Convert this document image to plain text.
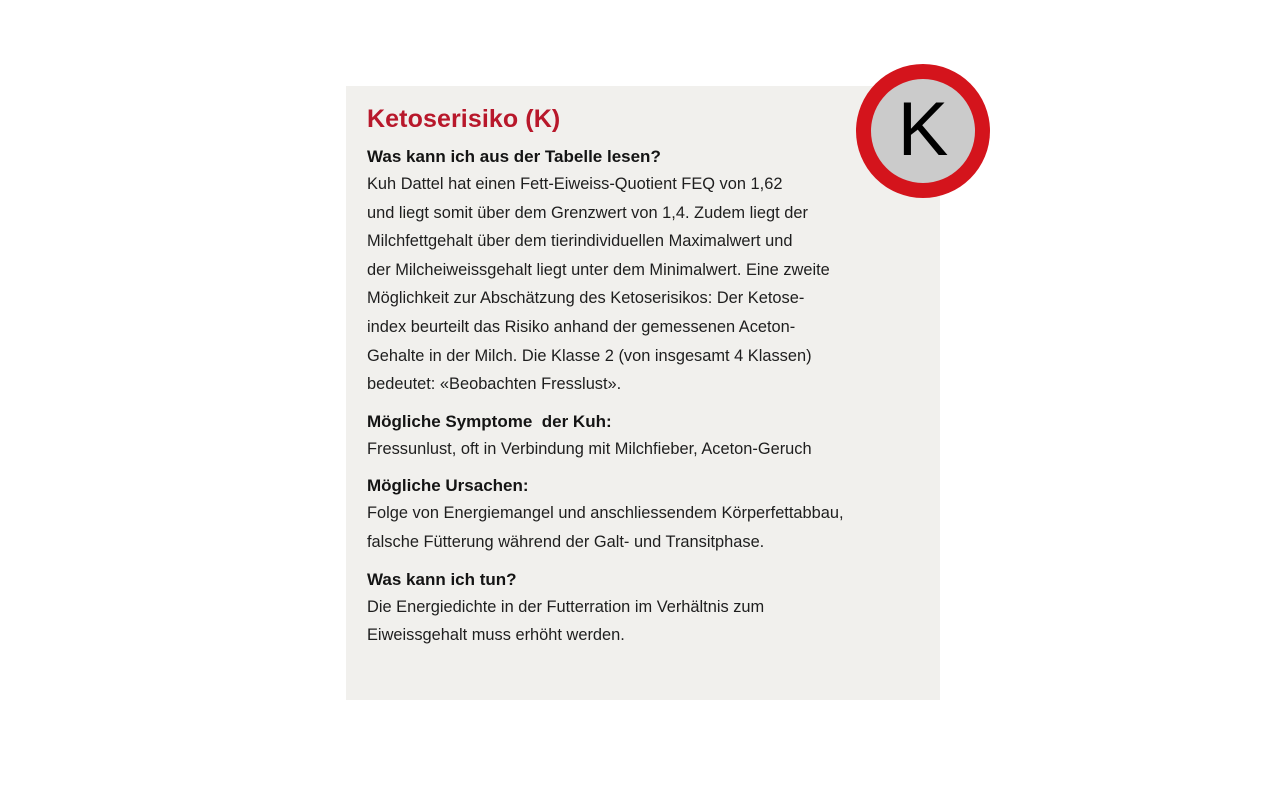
Ketoserisiko (K)

Was kann ich aus der Tabelle lesen?

Kuh Dattel hat einen Fett-Eiweiss-Quotient FEQ von 1,62
und liegt somit über dem Grenzwert von 1,4. Zudem liegt der
Milchfettgehalt über dem tierindividuellen Maximalwert und
der Milcheiweissgehalt liegt unter dem Minimalwert. Eine zweite
Möglichkeit zur Abschätzung des Ketoserisikos: Der Ketose-
index beurteilt das Risiko anhand der gemessenen Aceton-
Gehalte in der Milch. Die Klasse 2 (von insgesamt 4 Klassen)
bedeutet: «Beobachten Fresslust».

Mögliche Symptome  der Kuh:

Fressunlust, oft in Verbindung mit Milchfieber, Aceton-Geruch

Mögliche Ursachen:

Folge von Energiemangel und anschliessendem Körperfettabbau,
falsche Fütterung während der Galt- und Transitphase.

Was kann ich tun?

Die Energiedichte in der Futterration im Verhältnis zum
Eiweissgehalt muss erhöht werden.

K
